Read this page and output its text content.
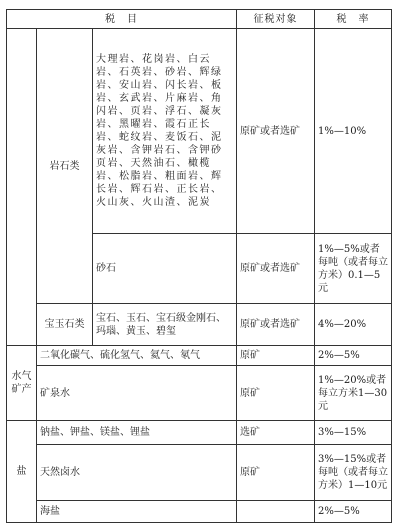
税　目			征税对象	税　率
	岩石类	大理岩、花岗岩、白云岩、石英岩、砂岩、辉绿岩、安山岩、闪长岩、板岩、玄武岩、片麻岩、角闪岩、页岩、浮石、凝灰岩、黑曜岩、霞石正长岩、蛇纹岩、麦饭石、泥灰岩、含钾岩石、含钾砂页岩、天然油石、橄榄岩、松脂岩、粗面岩、辉长岩、辉石岩、正长岩、火山灰、火山渣、泥炭	原矿或者选矿	1%—10%
		砂石	原矿或者选矿	1%—5%或者每吨（或者每立方米）0.1—5元
	宝玉石类	宝石、玉石、宝石级金刚石、玛瑙、黄玉、碧玺	原矿或者选矿	4%—20%
水气矿产	二氧化碳气、硫化氢气、氦气、氡气		原矿	2%—5%
	矿泉水		原矿	1%—20%或者每立方米1—30元
盐	钠盐、钾盐、镁盐、锂盐		选矿	3%—15%
	天然卤水		原矿	3%—15%或者每吨（或者每立方米）1—10元
	海盐			2%—5%
